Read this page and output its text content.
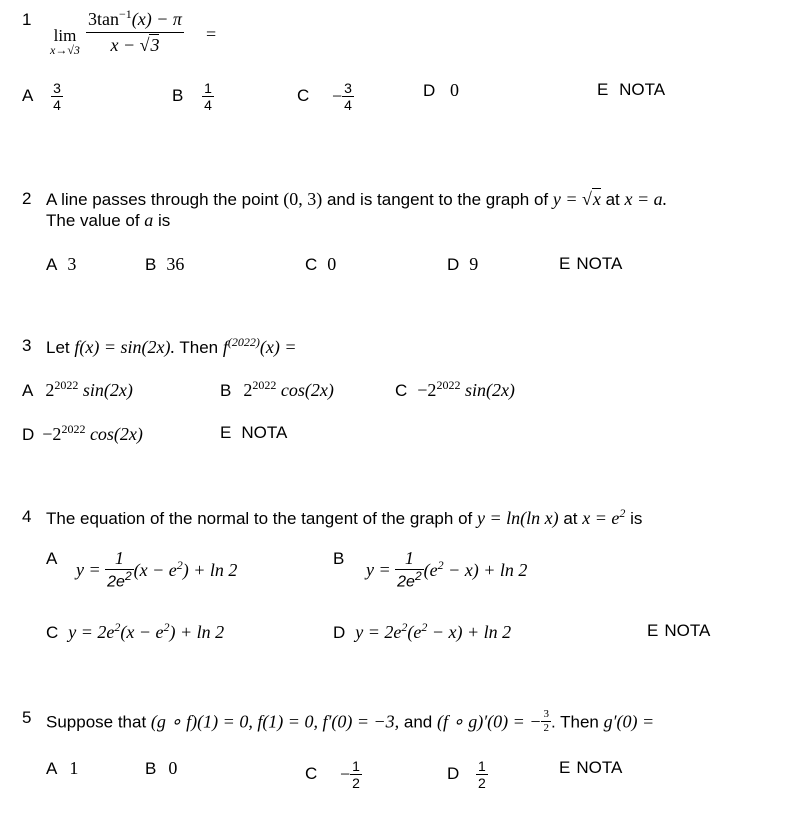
1
lim
$x\to√3 \frac{3\tan^{-1}(x) - \pi}{x - √3}$ =
A $\frac{3}{4}$	B $\frac{1}{4}$	$C - \frac{3}{4}$	D 0	E NOTA
2 A line passes through the point (0, 3) and is tangent to the graph of y = √x at x = a.
The value of a is
A 3	B 36	C 0	D 9	E NOTA
3 Let f(x) = sin(2x). Then $f^{(2022)}(x)$ =
A $2^{2022}$ sin(2x)	B $2^{2022}$ cos(2x)	$C -2^{2022}$ sin(2x)
$D -2^{2022}$ cos(2x)	E NOTA
4 The equation of the normal to the tangent of the graph of y = ln(ln x) at $x = e^2$ is
A
$y = \frac{1}{2e^2} (x - e^2) + \ln 2$
B
$y = \frac{1}{2e^2} (e^2 - x) + \ln 2$
C $y = 2e^2(x - e^2) + \ln 2$	D $y = 2e^2(e^2 - x) + \ln 2$	E NOTA
5 Suppose that (g ∘ f)(1) = 0, f(1) = 0, f′(0) = −3, and (f ∘ g)′(0) = − $\frac{3}{2}$ . Then g′(0) =
A 1	B 0	$C - \frac{1}{2}$	D $\frac{1}{2}$	E NOTA
